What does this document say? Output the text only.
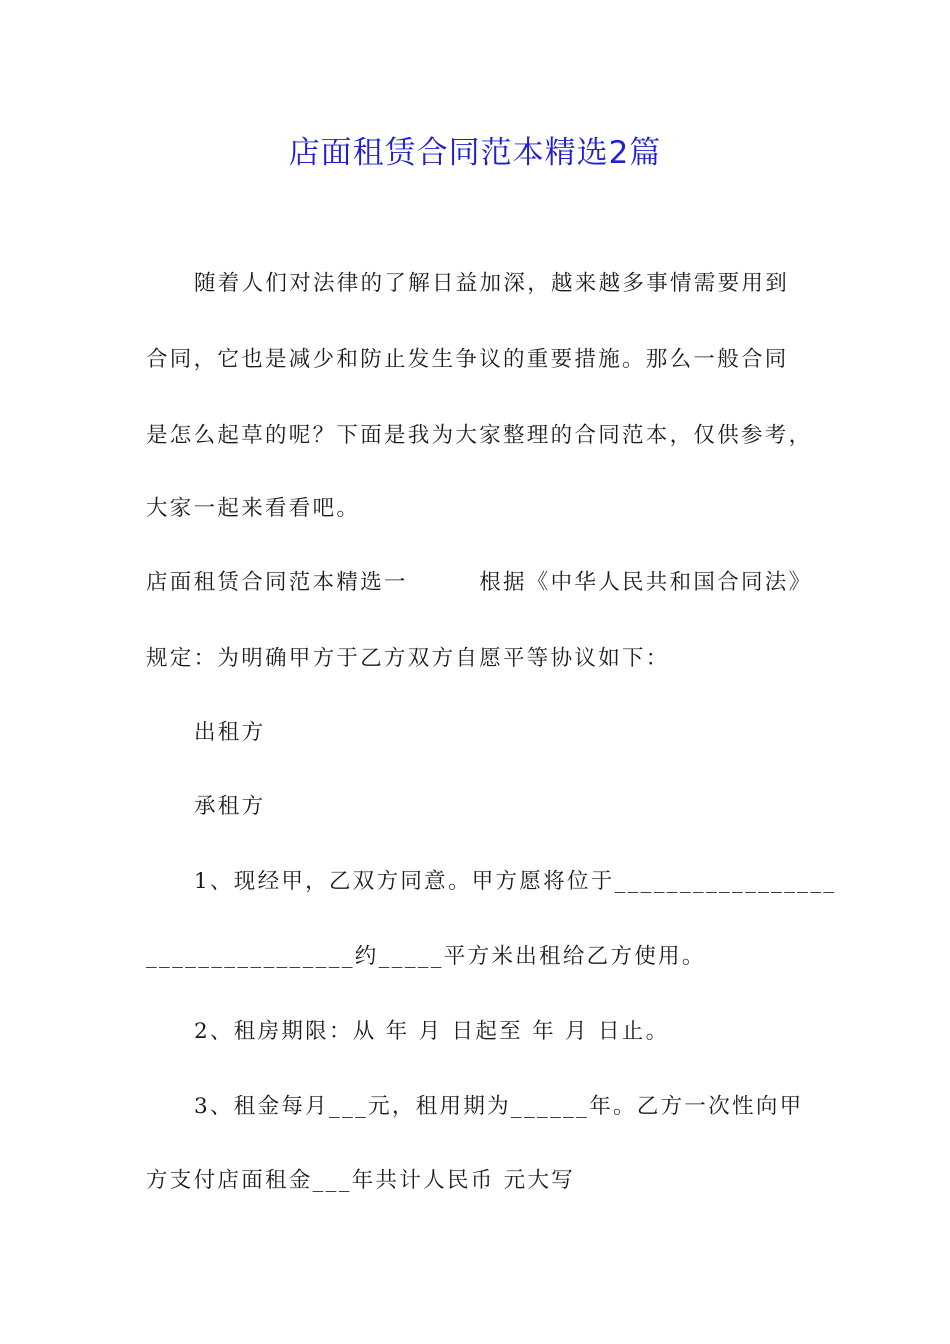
店面租赁合同范本精选2篇
随着人们对法律的了解日益加深，越来越多事情需要用到
合同，它也是减少和防止发生争议的重要措施。那么一般合同
是怎么起草的呢？下面是我为大家整理的合同范本，仅供参考，
大家一起来看看吧。
店面租赁合同范本精选一　　　根据《中华人民共和国合同法》
规定：为明确甲方于乙方双方自愿平等协议如下：
出租方
承租方
1、现经甲，乙双方同意。甲方愿将位于_________________
________________约_____平方米出租给乙方使用。
2、租房期限：从 年 月 日起至 年 月 日止。
3、租金每月___元，租用期为______年。乙方一次性向甲
方支付店面租金___年共计人民币 元大写
